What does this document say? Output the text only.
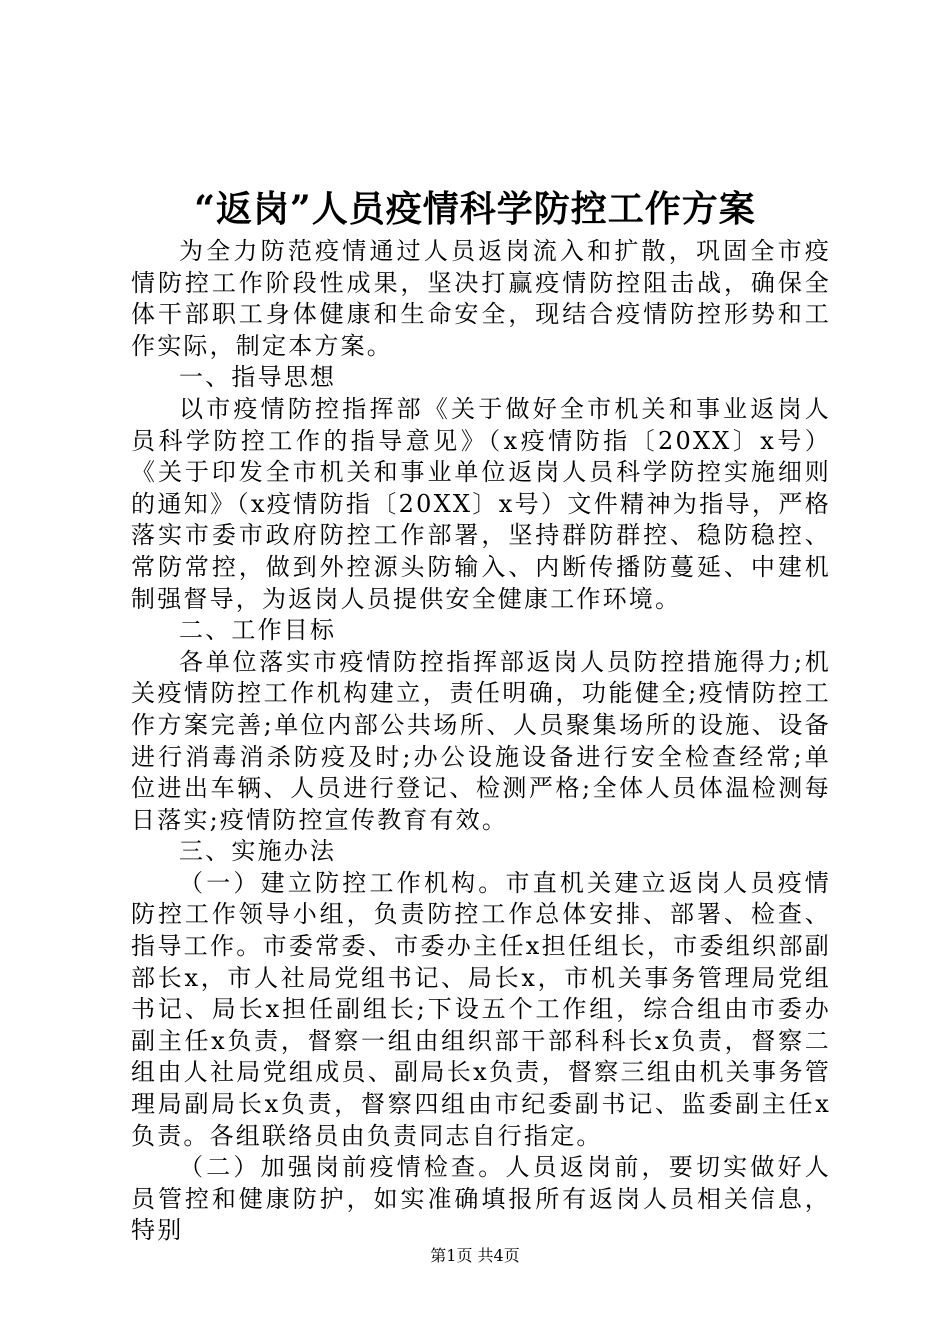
“返岗”人员疫情科学防控工作方案

为全力防范疫情通过人员返岗流入和扩散，巩固全市疫情防控工作阶段性成果，坚决打赢疫情防控阻击战，确保全体干部职工身体健康和生命安全，现结合疫情防控形势和工作实际，制定本方案。

一、指导思想

以市疫情防控指挥部《关于做好全市机关和事业返岗人员科学防控工作的指导意见》（x疫情防指〔20XX〕x号）《关于印发全市机关和事业单位返岗人员科学防控实施细则的通知》（x疫情防指〔20XX〕x号）文件精神为指导，严格落实市委市政府防控工作部署，坚持群防群控、稳防稳控、常防常控，做到外控源头防输入、内断传播防蔓延、中建机制强督导，为返岗人员提供安全健康工作环境。

二、工作目标

各单位落实市疫情防控指挥部返岗人员防控措施得力;机关疫情防控工作机构建立，责任明确，功能健全;疫情防控工作方案完善;单位内部公共场所、人员聚集场所的设施、设备进行消毒消杀防疫及时;办公设施设备进行安全检查经常;单位进出车辆、人员进行登记、检测严格;全体人员体温检测每日落实;疫情防控宣传教育有效。

三、实施办法

（一）建立防控工作机构。市直机关建立返岗人员疫情防控工作领导小组，负责防控工作总体安排、部署、检查、指导工作。市委常委、市委办主任x担任组长，市委组织部副部长x，市人社局党组书记、局长x，市机关事务管理局党组书记、局长x担任副组长;下设五个工作组，综合组由市委办副主任x负责，督察一组由组织部干部科科长x负责，督察二组由人社局党组成员、副局长x负责，督察三组由机关事务管理局副局长x负责，督察四组由市纪委副书记、监委副主任x负责。各组联络员由负责同志自行指定。

（二）加强岗前疫情检查。人员返岗前，要切实做好人员管控和健康防护，如实准确填报所有返岗人员相关信息，特别

第1页 共4页
